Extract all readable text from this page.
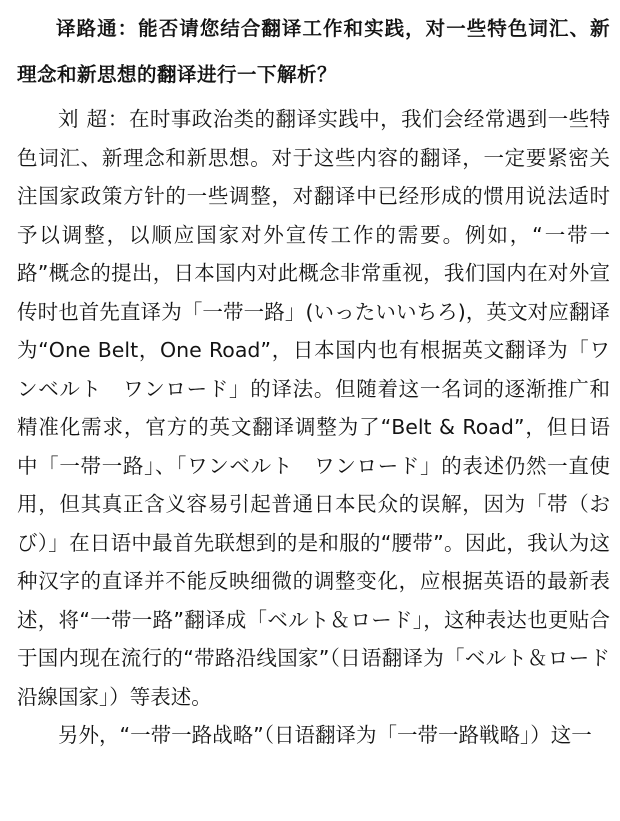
译路通：能否请您结合翻译工作和实践，对一些特色词汇、新理念和新思想的翻译进行一下解析？

刘 超：在时事政治类的翻译实践中，我们会经常遇到一些特色词汇、新理念和新思想。对于这些内容的翻译，一定要紧密关注国家政策方针的一些调整，对翻译中已经形成的惯用说法适时予以调整，以顺应国家对外宣传工作的需要。例如，“一带一路”概念的提出，日本国内对此概念非常重视，我们国内在对外宣传时也首先直译为「一带一路」(いったいいちろ)，英文对应翻译为“One Belt，One Road”，日本国内也有根据英文翻译为「ワンベルト　ワンロード」的译法。但随着这一名词的逐渐推广和精准化需求，官方的英文翻译调整为了“Belt & Road”，但日语中「一帯一路」、「ワンベルト　ワンロード」的表述仍然一直使用，但其真正含义容易引起普通日本民众的误解，因为「帯（おび）」在日语中最首先联想到的是和服的“腰带”。因此，我认为这种汉字的直译并不能反映细微的调整变化，应根据英语的最新表述，将“一带一路”翻译成「ベルト＆ロード」，这种表达也更贴合于国内现在流行的“带路沿线国家”（日语翻译为「ベルト＆ロード沿線国家」）等表述。

另外，“一带一路战略”（日语翻译为「一带一路戦略」）这一
